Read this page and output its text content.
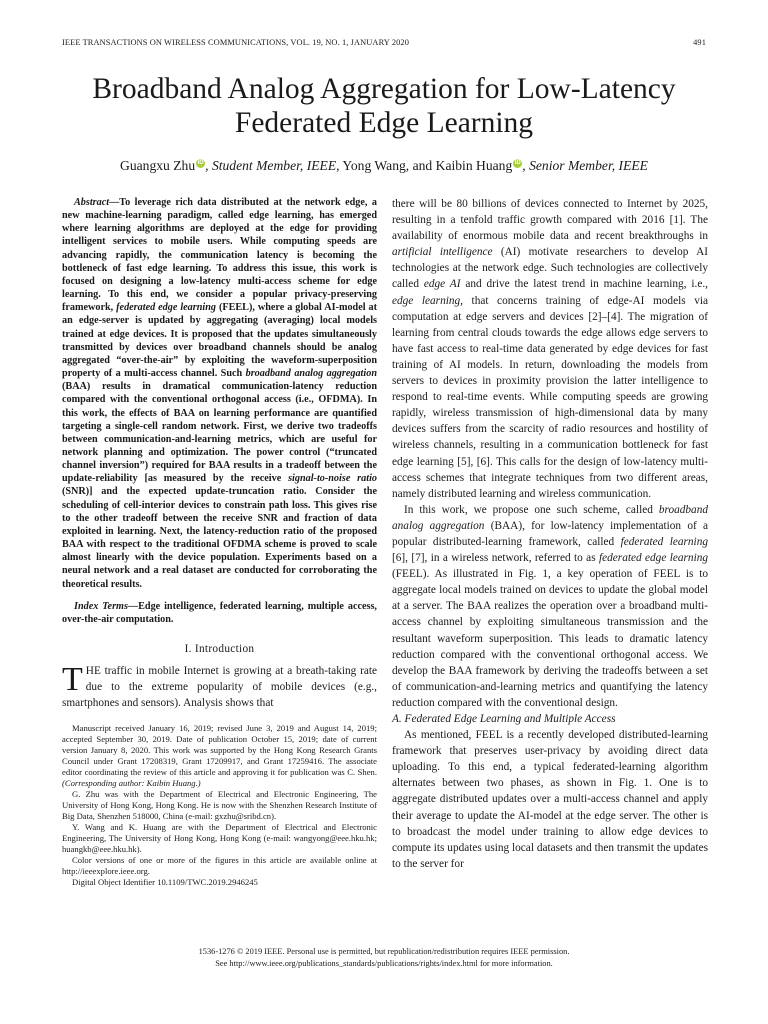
IEEE TRANSACTIONS ON WIRELESS COMMUNICATIONS, VOL. 19, NO. 1, JANUARY 2020	491
Broadband Analog Aggregation for Low-Latency
Federated Edge Learning
Guangxu Zhu iD , Student Member, IEEE, Yong Wang, and Kaibin Huang iD , Senior Member, IEEE

Abstract—To leverage rich data distributed at the network edge, a new machine-learning paradigm, called edge learning, has emerged where learning algorithms are deployed at the edge for providing intelligent services to mobile users. While computing speeds are advancing rapidly, the communication latency is becoming the bottleneck of fast edge learning. To address this issue, this work is focused on designing a low-latency multi-access scheme for edge learning. To this end, we consider a popular privacy-preserving framework, federated edge learning (FEEL), where a global AI-model at an edge-server is updated by aggregating (averaging) local models trained at edge devices. It is proposed that the updates simultaneously transmitted by devices over broadband channels should be analog aggregated “over-the-air” by exploiting the waveform-superposition property of a multi-access channel. Such broadband analog aggregation (BAA) results in dramatical communication-latency reduction compared with the conventional orthogonal access (i.e., OFDMA). In this work, the effects of BAA on learning performance are quantified targeting a single-cell random network. First, we derive two tradeoffs between communication-and-learning metrics, which are useful for network planning and optimization. The power control (“truncated channel inversion”) required for BAA results in a tradeoff between the update-reliability [as measured by the receive signal-to-noise ratio (SNR)] and the expected update-truncation ratio. Consider the scheduling of cell-interior devices to constrain path loss. This gives rise to the other tradeoff between the receive SNR and fraction of data exploited in learning. Next, the latency-reduction ratio of the proposed BAA with respect to the traditional OFDMA scheme is proved to scale almost linearly with the device population. Experiments based on a neural network and a real dataset are conducted for corroborating the theoretical results.

Index Terms—Edge intelligence, federated learning, multiple access, over-the-air computation.

I. Introduction

THE traffic in mobile Internet is growing at a breath-taking rate due to the extreme popularity of mobile devices (e.g., smartphones and sensors). Analysis shows that

Manuscript received January 16, 2019; revised June 3, 2019 and August 14, 2019; accepted September 30, 2019. Date of publication October 15, 2019; date of current version January 8, 2020. This work was supported by the Hong Kong Research Grants Council under Grant 17208319, Grant 17209917, and Grant 17259416. The associate editor coordinating the review of this article and approving it for publication was C. Shen. (Corresponding author: Kaibin Huang.)

G. Zhu was with the Department of Electrical and Electronic Engineering, The University of Hong Kong, Hong Kong. He is now with the Shenzhen Research Institute of Big Data, Shenzhen 518000, China (e-mail: gxzhu@sribd.cn).

Y. Wang and K. Huang are with the Department of Electrical and Electronic Engineering, The University of Hong Kong, Hong Kong (e-mail: wangyong@eee.hku.hk; huangkb@eee.hku.hk).

Color versions of one or more of the figures in this article are available online at http://ieeexplore.ieee.org.

Digital Object Identifier 10.1109/TWC.2019.2946245

there will be 80 billions of devices connected to Internet by 2025, resulting in a tenfold traffic growth compared with 2016 [1]. The availability of enormous mobile data and recent breakthroughs in artificial intelligence (AI) motivate researchers to develop AI technologies at the network edge. Such technologies are collectively called edge AI and drive the latest trend in machine learning, i.e., edge learning, that concerns training of edge-AI models via computation at edge servers and devices [2]–[4]. The migration of learning from central clouds towards the edge allows edge servers to have fast access to real-time data generated by edge devices for fast training of AI models. In return, downloading the models from servers to devices in proximity provision the latter intelligence to respond to real-time events. While computing speeds are growing rapidly, wireless transmission of high-dimensional data by many devices suffers from the scarcity of radio resources and hostility of wireless channels, resulting in a communication bottleneck for fast edge learning [5], [6]. This calls for the design of low-latency multi-access schemes that integrate techniques from two different areas, namely distributed learning and wireless communication.

In this work, we propose one such scheme, called broadband analog aggregation (BAA), for low-latency implementation of a popular distributed-learning framework, called federated learning [6], [7], in a wireless network, referred to as federated edge learning (FEEL). As illustrated in Fig. 1, a key operation of FEEL is to aggregate local models trained on devices to update the global model at a server. The BAA realizes the operation over a broadband multi-access channel by exploiting simultaneous transmission and the resultant waveform superposition. This leads to dramatic latency reduction compared with the conventional orthogonal access. We develop the BAA framework by deriving the tradeoffs between a set of communication-and-learning metrics and quantifying the latency reduction compared with the conventional design.

A. Federated Edge Learning and Multiple Access

As mentioned, FEEL is a recently developed distributed-learning framework that preserves user-privacy by avoiding direct data uploading. To this end, a typical federated-learning algorithm alternates between two phases, as shown in Fig. 1. One is to aggregate distributed updates over a multi-access channel and apply their average to update the AI-model at the edge server. The other is to broadcast the model under training to allow edge devices to compute its updates using local datasets and then transmit the updates to the server for

1536-1276 © 2019 IEEE. Personal use is permitted, but republication/redistribution requires IEEE permission.
See http://www.ieee.org/publications_standards/publications/rights/index.html for more information.
